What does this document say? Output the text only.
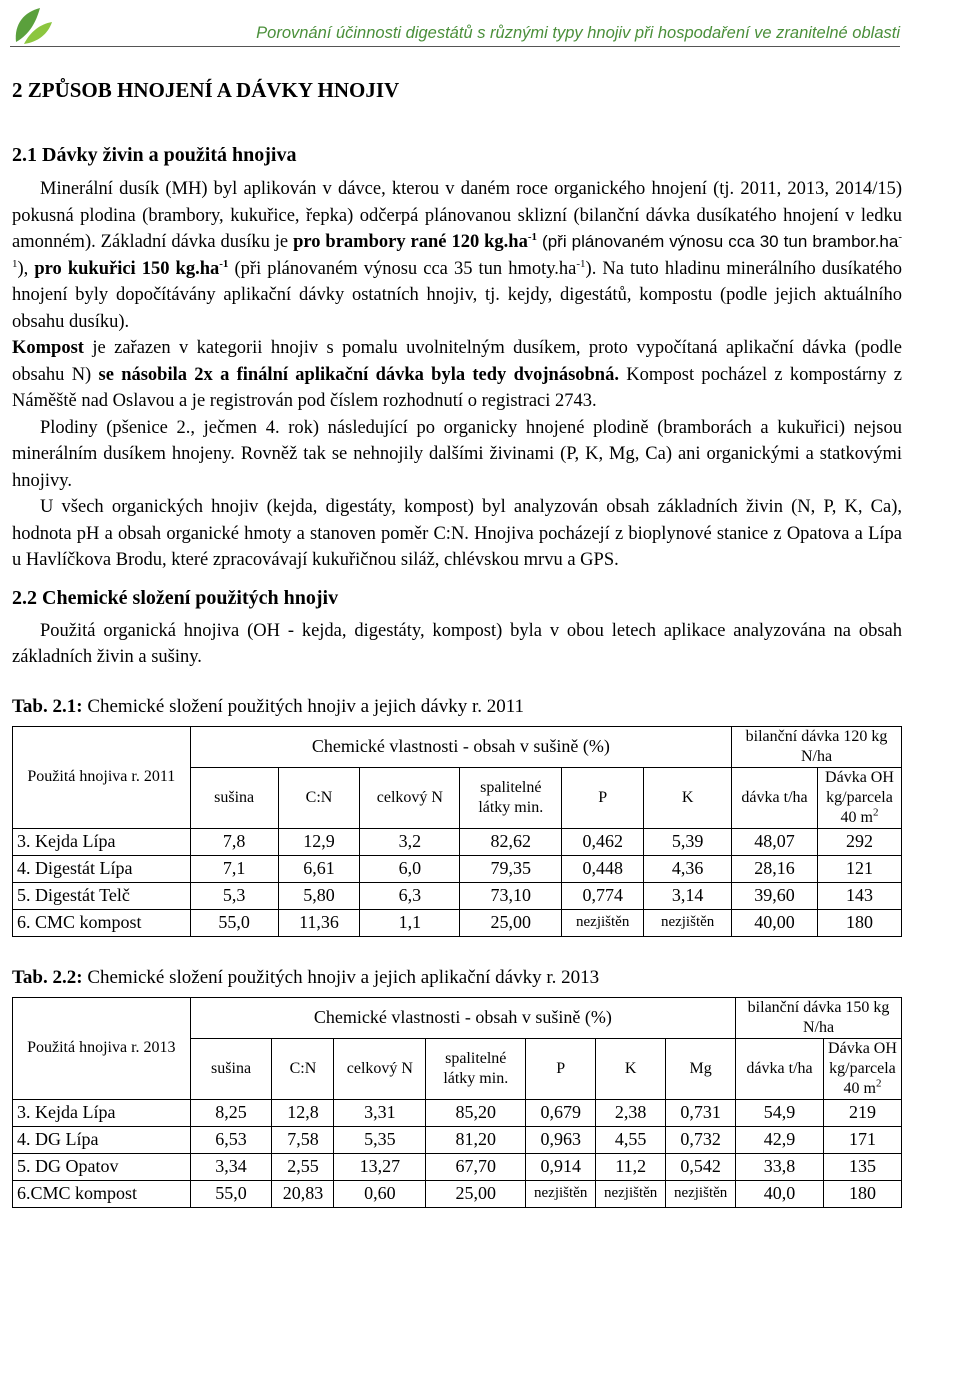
Porovnání účinnosti digestátů s různými typy hnojiv při hospodaření ve zranitelné oblasti
2 ZPŮSOB HNOJENÍ A DÁVKY HNOJIV
2.1 Dávky živin a použitá hnojiva

Minerální dusík (MH) byl aplikován v dávce, kterou v daném roce organického hnojení (tj. 2011, 2013, 2014/15) pokusná plodina (brambory, kukuřice, řepka) odčerpá plánovanou sklizní (bilanční dávka dusíkatého hnojení v ledku amonném). Základní dávka dusíku je pro brambory rané 120 $kg.ha^{-1}$ (při plánovaném výnosu cca 30 tun $brambor.ha^{-1}$), pro kukuřici 150 $kg.ha^{-1}$ (při plánovaném výnosu cca 35 tun $hmoty.ha^{-1}$). Na tuto hladinu minerálního dusíkatého hnojení byly dopočítávány aplikační dávky ostatních hnojiv, tj. kejdy, digestátů, kompostu (podle jejich aktuálního obsahu dusíku).

Kompost je zařazen v kategorii hnojiv s pomalu uvolnitelným dusíkem, proto vypočítaná aplikační dávka (podle obsahu N) se násobila 2x a finální aplikační dávka byla tedy dvojnásobná. Kompost pocházel z kompostárny z Náměště nad Oslavou a je registrován pod číslem rozhodnutí o registraci 2743.

Plodiny (pšenice 2., ječmen 4. rok) následující po organicky hnojené plodině (bramborách a kukuřici) nejsou minerálním dusíkem hnojeny. Rovněž tak se nehnojily dalšími živinami (P, K, Mg, Ca) ani organickými a statkovými hnojivy.

U všech organických hnojiv (kejda, digestáty, kompost) byl analyzován obsah základních živin (N, P, K, Ca), hodnota pH a obsah organické hmoty a stanoven poměr C:N. Hnojiva pocházejí z bioplynové stanice z Opatova a Lípa u Havlíčkova Brodu, které zpracovávají kukuřičnou siláž, chlévskou mrvu a GPS.

2.2 Chemické složení použitých hnojiv

Použitá organická hnojiva (OH - kejda, digestáty, kompost) byla v obou letech aplikace analyzována na obsah základních živin a sušiny.

Tab. 2.1: Chemické složení použitých hnojiv a jejich dávky r. 2011

Použitá hnojiva r. 2011	Chemické vlastnosti - obsah v sušině (%)						bilanční dávka 120 kg N/ha	
							dávka t/ha	Dávka OH kg/parcela 40 $m^2$
	sušina	C:N	celkový N	spalitelné látky min.	P	K		
3. Kejda Lípa	7,8	12,9	3,2	82,62	0,462	5,39	48,07	292
4. Digestát Lípa	7,1	6,61	6,0	79,35	0,448	4,36	28,16	121
5. Digestát Telč	5,3	5,80	6,3	73,10	0,774	3,14	39,60	143
6. CMC kompost	55,0	11,36	1,1	25,00	nezjištěn	nezjištěn	40,00	180

Tab. 2.2: Chemické složení použitých hnojiv a jejich aplikační dávky r. 2013

Použitá hnojiva r. 2013	Chemické vlastnosti - obsah v sušině (%)							bilanční dávka 150 kg N/ha	
								dávka t/ha	Dávka OH kg/parcela 40 $m^2$
	sušina	C:N	celkový N	spalitelné látky min.	P	K	Mg		
3. Kejda Lípa	8,25	12,8	3,31	85,20	0,679	2,38	0,731	54,9	219
4. DG Lípa	6,53	7,58	5,35	81,20	0,963	4,55	0,732	42,9	171
5. DG Opatov	3,34	2,55	13,27	67,70	0,914	11,2	0,542	33,8	135
6.CMC kompost	55,0	20,83	0,60	25,00	nezjištěn	nezjištěn	nezjištěn	40,0	180
